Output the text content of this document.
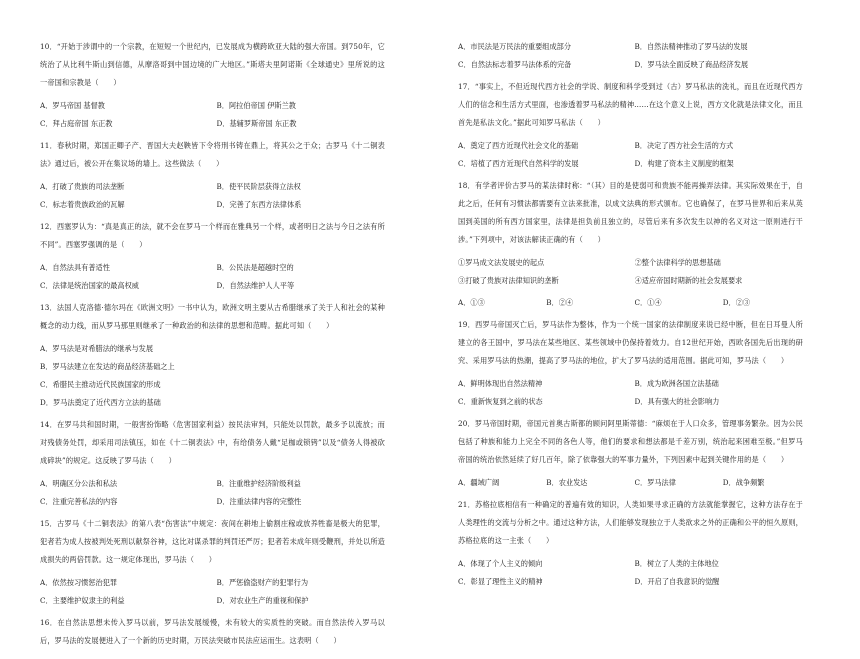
10．“开始于涉谓中的一个宗教，在短短一个世纪内，已发展成为横跨欧亚大陆的强大帝国。到750年，它统治了从比利牛斯山到信德，从摩洛哥到中国边境的广大地区。”斯塔夫里阿诺斯《全球通史》里所说的这一帝国和宗教是（　　）

A．罗马帝国 基督教	B．阿拉伯帝国 伊斯兰教
C．拜占庭帝国 东正教	D．基辅罗斯帝国 东正教

11．春秋时期，郑国正卿子产、晋国大夫赵鞅皆下令将刑书铸在鼎上，将其公之于众；古罗马《十二铜表法》通过后，被公开在集议场的墙上。这些做法（　　）

A．打破了贵族的司法垄断	B．使平民阶层获得立法权
C．标志着贵族政治的瓦解	D．完善了东西方法律体系

12．西塞罗认为：“真是真正的法，就不会在罗马一个样而在雅典另一个样，或者明日之法与今日之法有所不同”。西塞罗强调的是（　　）

A．自然法具有普适性	B．公民法是超越时空的
C．法律是统治国家的最高权威	D．自然法维护人人平等

13．法国人克洛德·德尔玛在《欧洲文明》一书中认为，欧洲文明主要从古希腊继承了关于人和社会的某种概念的动力线，而从罗马那里则继承了一种政治的和法律的思想和范畴。据此可知（　　）

A．罗马法是对希腊法的继承与发展
B．罗马法建立在发达的商品经济基础之上
C．希腊民主推动近代民族国家的形成
D．罗马法奠定了近代西方立法的基础

14．在罗马共和国时期，一般害扮饰略（危害国家利益）按民法审判，只能处以罚款，最多予以流放；而对残债务处罚，却采用司法镇压，如在《十二铜表法》中，有给债务人戴“足枷或锁铐”以及“债务人得被砍成碎块”的规定。这反映了罗马法（　　）

A．明确区分公法和私法	B．注重维护经济阶级利益
C．注重完善私法的内容	D．注重法律内容的完整性

15．古罗马《十二铜表法》的第八表“伤害法”中规定：夜间在耕地上偷割庄稼或放养牲畜是极大的犯罪，犯者若为成人按被判处死刑以献祭谷神，这比对谋杀罪的判罚还严厉；犯者若未成年则受鞭刑，并处以所造成损失的两倍罚款。这一规定体现出，罗马法（　　）

A．依然按习惯惩治犯罪	B．严惩偷盗财产的犯罪行为
C．主要维护奴隶主的利益	D．对农业生产的重视和保护

16．在自然法思想未传入罗马以前，罗马法发展缓慢，未有较大的实质性的突破。而自然法传入罗马以后，罗马法的发展便进入了一个新的历史时期，万民法突破市民法应运而生。这表明（　　）

A．市民法是万民法的重要组成部分	B．自然法精神推动了罗马法的发展
C．自然法标志着罗马法体系的完备	D．罗马法全面反映了商品经济发展

17．“事实上，不但近现代西方社会的学说、制度和科学受到过（古）罗马私法的洗礼，而且在近现代西方人们的信念和生活方式里面，也渗透着罗马私法的精神……在这个意义上说，西方文化就是法律文化，而且首先是私法文化。”据此可知罗马私法（　　）

A．奠定了西方近现代社会文化的基础	B．决定了西方社会生活的方式
C．培植了西方近现代自然科学的发展	D．构建了资本主义制度的框架

18．有学者评价古罗马的某法律时称：“（其）目的是使弱可和贵族不能再操弄法律。其实际效果在于，自此之后，任何有习惯法都需要有立法来批准，以成文法典的形式颁布。它也确保了，在罗马世界和后来从英国到美国的所有西方国家里，法律是担负前且独立的，尽管后来有多次发生以神的名义对这一原则进行干涉。”下列项中，对该法解读正确的有（　　）

①罗马成文法发展史的起点	②整个法律科学的思想基础
③打破了贵族对法律知识的垄断	④适应帝国时期新的社会发展要求
A．①③	B．②④	C．①④	D．②③

19．西罗马帝国灭亡后，罗马法作为整体，作为一个统一国家的法律制度来说已经中断，但在日耳曼人所建立的各王国中，罗马法在某些地区、某些领域中仍保持着效力。自12世纪开始，西欧各国先后出现的研究、采用罗马法的热潮，提高了罗马法的地位，扩大了罗马法的适用范围。据此可知，罗马法（　　）

A．鲜明体现出自然法精神	B．成为欧洲各国立法基础
C．重新恢复到之前的状态	D．具有强大的社会影响力

20．罗马帝国时期，帝国元首奥古斯都的顾问阿里斯蒂德：“麻烦在于人口众多，管理事务繁杂。因为公民包括了种族和能力上完全不同的各色人等，他们的要求和想法都是千差万别，统治起来困难至极。”但罗马帝国的统治依然延续了好几百年，除了依靠强大的军事力量外，下列因素中起到关键作用的是（　　）

A．疆域广阔	B．农业发达	C．罗马法律	D．战争频繁

21．苏格拉底相信有一种确定的普遍有效的知识，人类如果寻求正确的方法就能掌握它，这种方法存在于人类理性的交流与分析之中。通过这种方法，人们能够发现独立于人类欲求之外的正确和公平的恒久原则，苏格拉底的这一主张（　　）

A．体现了个人主义的倾向	B．树立了人类的主体地位
C．彰显了理性主义的精神	D．开启了自我意识的觉醒
